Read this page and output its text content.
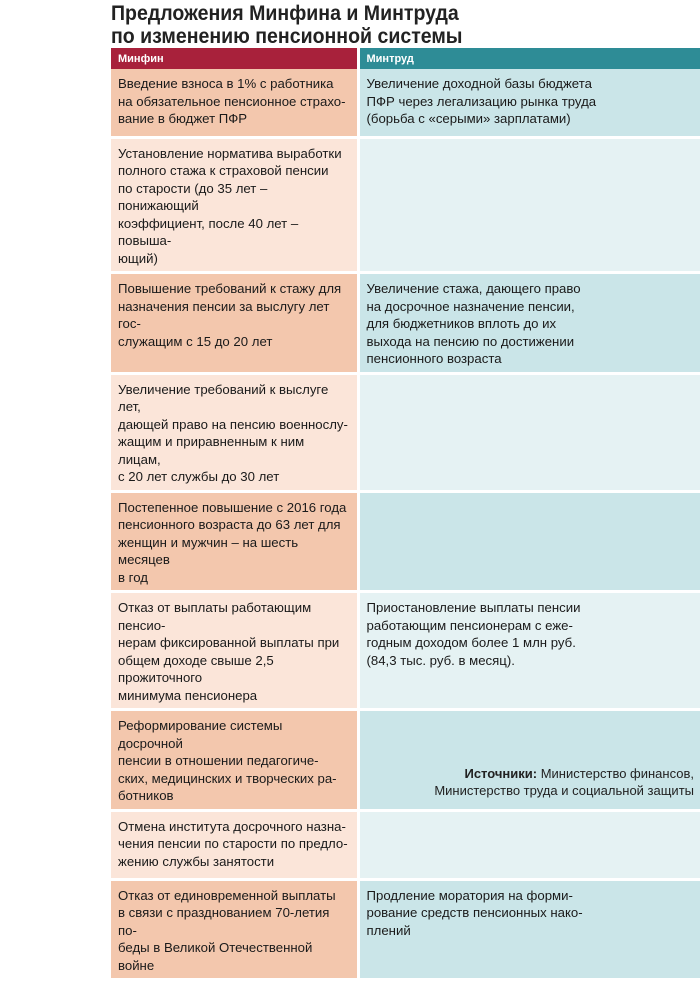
Предложения Минфина и Минтруда
по изменению пенсионной системы
Минфин	Минтруд

Введение взноса в 1% с работника
на обязательное пенсионное страхо-
вание в бюджет ПФР	Увеличение доходной базы бюджета
ПФР через легализацию рынка труда
(борьба с «серыми» зарплатами)

Установление норматива выработки
полного стажа к страховой пенсии
по старости (до 35 лет – понижающий
коэффициент, после 40 лет – повыша-
ющий)	

Повышение требований к стажу для
назначения пенсии за выслугу лет гос-
служащим с 15 до 20 лет	Увеличение стажа, дающего право
на досрочное назначение пенсии,
для бюджетников вплоть до их
выхода на пенсию по достижении
пенсионного возраста

Увеличение требований к выслуге лет,
дающей право на пенсию военнослу-
жащим и приравненным к ним лицам,
с 20 лет службы до 30 лет	

Постепенное повышение с 2016 года
пенсионного возраста до 63 лет для
женщин и мужчин – на шесть месяцев
в год	

Отказ от выплаты работающим пенсио-
нерам фиксированной выплаты при
общем доходе свыше 2,5 прожиточного
минимума пенсионера	Приостановление выплаты пенсии
работающим пенсионерам с еже-
годным доходом более 1 млн руб.
(84,3 тыс. руб. в месяц).

Реформирование системы досрочной
пенсии в отношении педагогиче-
ских, медицинских и творческих ра-
ботников	

Отмена института досрочного назна-
чения пенсии по старости по предло-
жению службы занятости	

Отказ от единовременной выплаты
в связи с празднованием 70-летия по-
беды в Великой Отечественной войне	Продление моратория на форми-
рование средств пенсионных нако-
плений
Источники: Министерство финансов,
Министерство труда и социальной защиты
